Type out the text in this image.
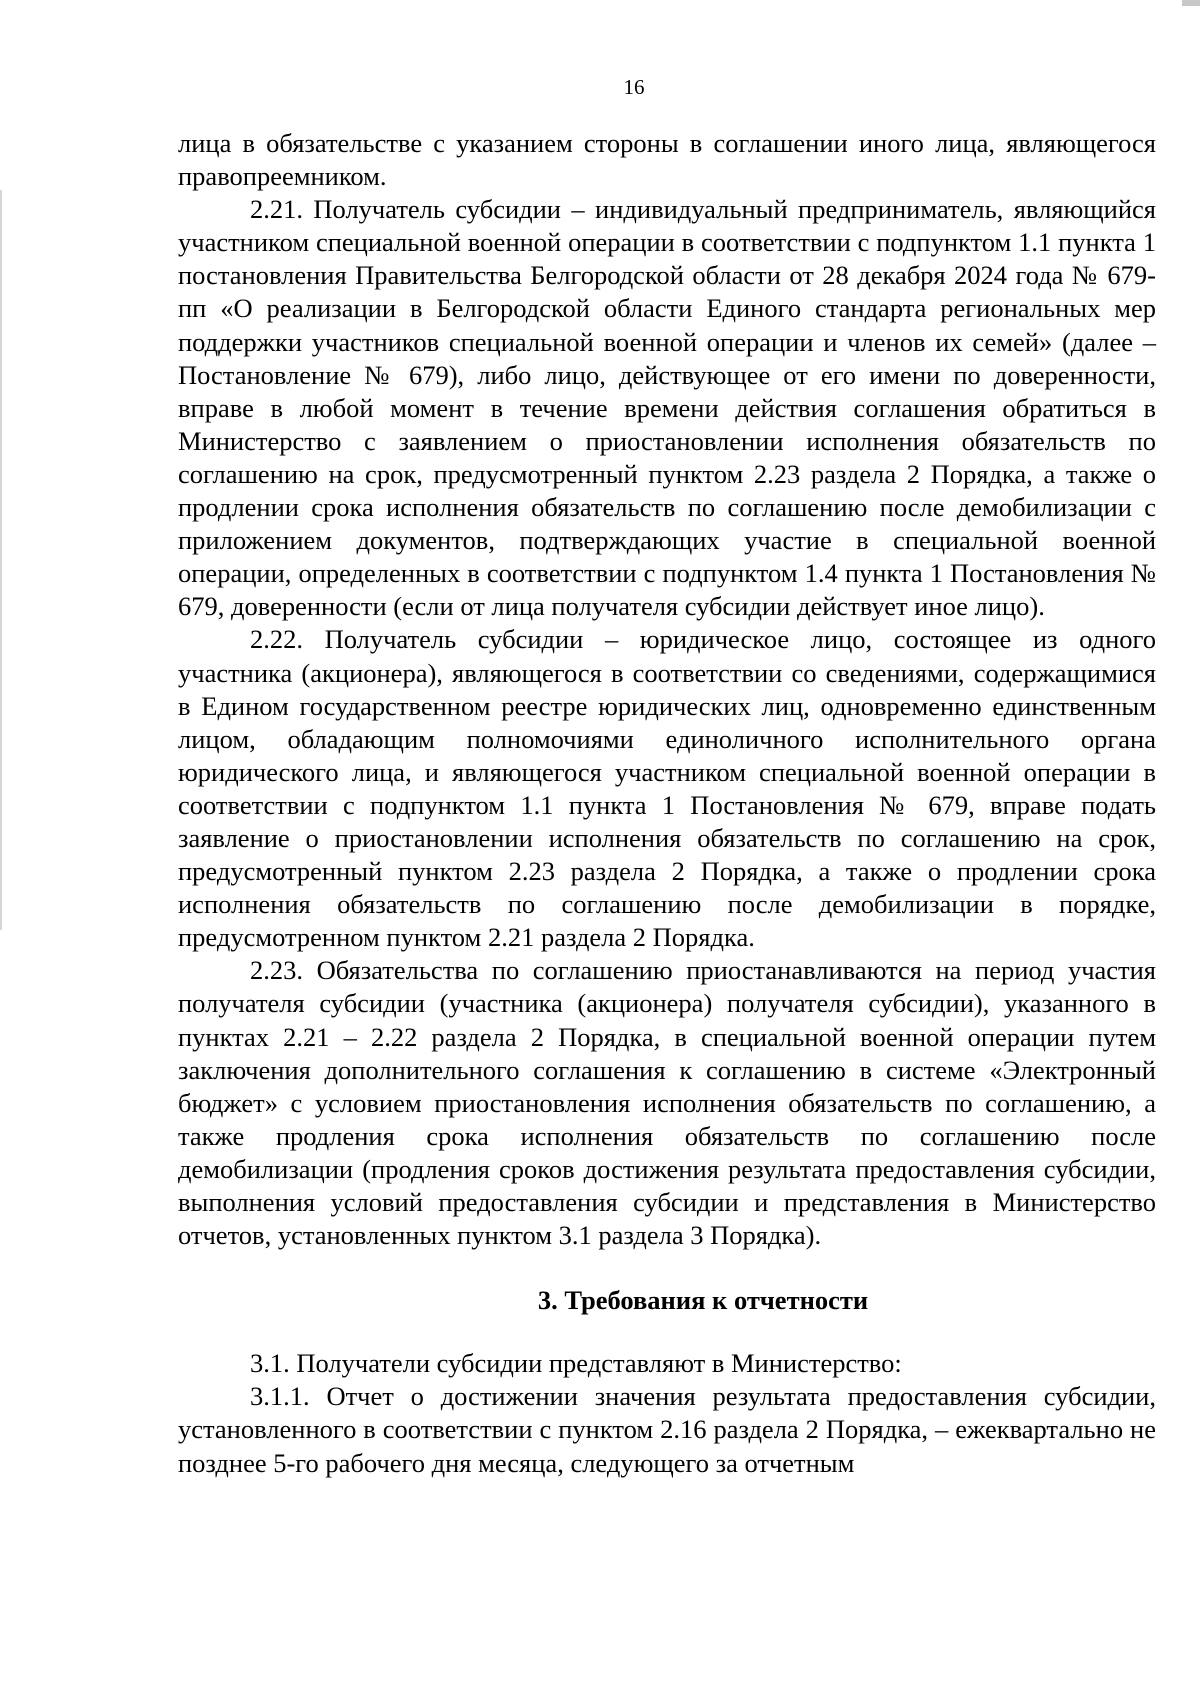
16

лица в обязательстве с указанием стороны в соглашении иного лица, являющегося правопреемником.

2.21. Получатель субсидии – индивидуальный предприниматель, являющийся участником специальной военной операции в соответствии с подпунктом 1.1 пункта 1 постановления Правительства Белгородской области от 28 декабря 2024 года № 679-пп «О реализации в Белгородской области Единого стандарта региональных мер поддержки участников специальной военной операции и членов их семей» (далее – Постановление № 679), либо лицо, действующее от его имени по доверенности, вправе в любой момент в течение времени действия соглашения обратиться в Министерство с заявлением о приостановлении исполнения обязательств по соглашению на срок, предусмотренный пунктом 2.23 раздела 2 Порядка, а также о продлении срока исполнения обязательств по соглашению после демобилизации с приложением документов, подтверждающих участие в специальной военной операции, определенных в соответствии с подпунктом 1.4 пункта 1 Постановления № 679, доверенности (если от лица получателя субсидии действует иное лицо).

2.22. Получатель субсидии – юридическое лицо, состоящее из одного участника (акционера), являющегося в соответствии со сведениями, содержащимися в Едином государственном реестре юридических лиц, одновременно единственным лицом, обладающим полномочиями единоличного исполнительного органа юридического лица, и являющегося участником специальной военной операции в соответствии с подпунктом 1.1 пункта 1 Постановления № 679, вправе подать заявление о приостановлении исполнения обязательств по соглашению на срок, предусмотренный пунктом 2.23 раздела 2 Порядка, а также о продлении срока исполнения обязательств по соглашению после демобилизации в порядке, предусмотренном пунктом 2.21 раздела 2 Порядка.

2.23. Обязательства по соглашению приостанавливаются на период участия получателя субсидии (участника (акционера) получателя субсидии), указанного в пунктах 2.21 – 2.22 раздела 2 Порядка, в специальной военной операции путем заключения дополнительного соглашения к соглашению в системе «Электронный бюджет» с условием приостановления исполнения обязательств по соглашению, а также продления срока исполнения обязательств по соглашению после демобилизации (продления сроков достижения результата предоставления субсидии, выполнения условий предоставления субсидии и представления в Министерство отчетов, установленных пунктом 3.1 раздела 3 Порядка).

3. Требования к отчетности

3.1. Получатели субсидии представляют в Министерство:

3.1.1. Отчет о достижении значения результата предоставления субсидии, установленного в соответствии с пунктом 2.16 раздела 2 Порядка, – ежеквартально не позднее 5-го рабочего дня месяца, следующего за отчетным
